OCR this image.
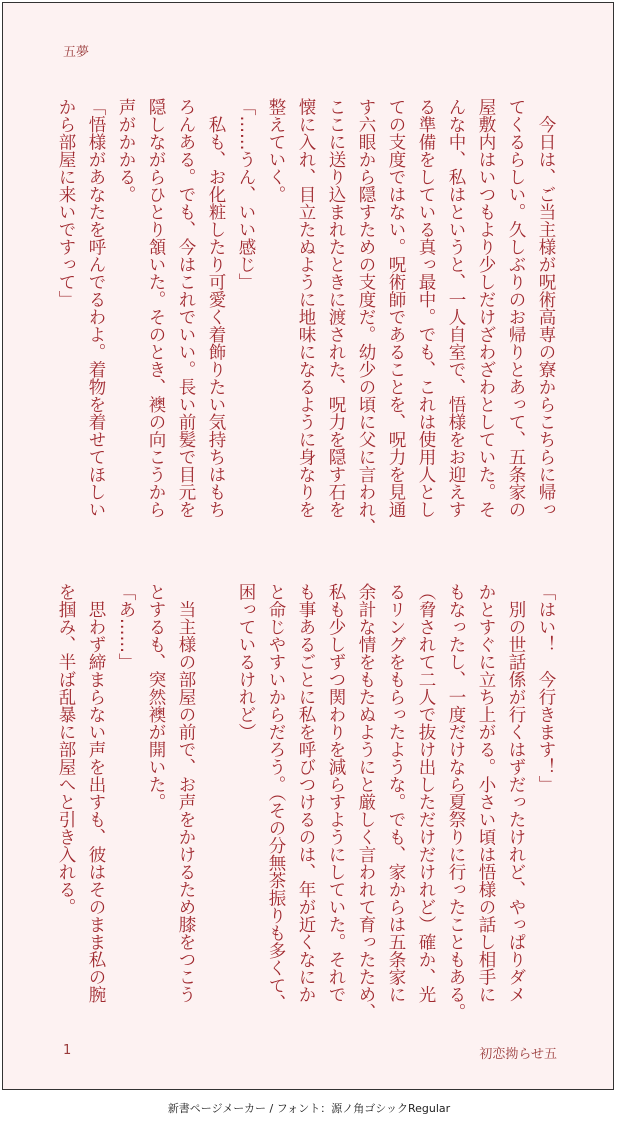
五夢

　今日は、ご当主様が呪術高専の寮からこちらに帰っ

てくるらしい。久しぶりのお帰りとあって、五条家の

屋敷内はいつもより少しだけざわざわとしていた。そ

んな中、私はというと、一人自室で、悟様をお迎えす

る準備をしている真っ最中。でも、これは使用人とし

ての支度ではない。呪術師であることを、呪力を見通

す六眼から隠すための支度だ。幼少の頃に父に言われ、

ここに送り込まれたときに渡された、呪力を隠す石を

懐に入れ、目立たぬように地味になるように身なりを

整えていく。

「……うん、いい感じ」

　私も、お化粧したり可愛く着飾りたい気持ちはもち

ろんある。でも、今はこれでいい。長い前髪で目元を

隠しながらひとり頷いた。そのとき、襖の向こうから

声がかかる。

「悟様があなたを呼んでるわよ。着物を着せてほしい

から部屋に来いですって」

「はい！　今行きます！」

　別の世話係が行くはずだったけれど、やっぱりダメ

かとすぐに立ち上がる。小さい頃は悟様の話し相手に

もなったし、一度だけなら夏祭りに行ったこともある。

（脅されて二人で抜け出しただけだけれど）確か、光

るリングをもらったような。でも、家からは五条家に

余計な情をもたぬようにと厳しく言われて育ったため、

私も少しずつ関わりを減らすようにしていた。それで

も事あるごとに私を呼びつけるのは、年が近くなにか

と命じやすいからだろう。（その分無茶振りも多くて、

困っているけれど）

　当主様の部屋の前で、お声をかけるため膝をつこう

とするも、突然襖が開いた。

「あ……」

　思わず締まらない声を出すも、彼はそのまま私の腕

を掴み、半ば乱暴に部屋へと引き入れる。

1	初恋拗らせ五
新書ページメーカー / フォント：源ノ角ゴシックRegular
